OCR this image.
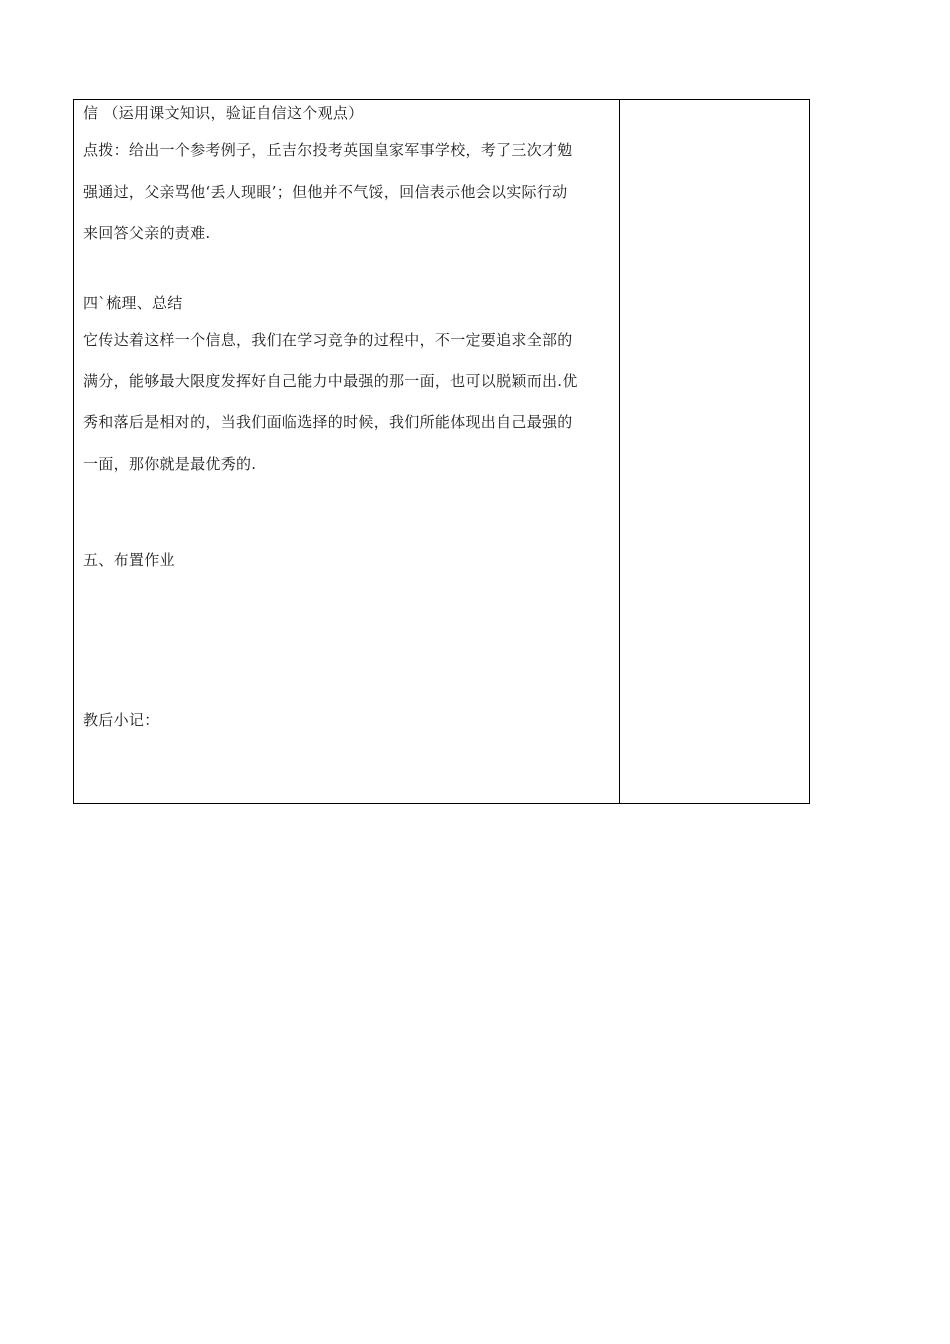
信 （运用课文知识，验证自信这个观点）
点拨：给出一个参考例子，丘吉尔投考英国皇家军事学校，考了三次才勉
强通过，父亲骂他‘丢人现眼’；但他并不气馁，回信表示他会以实际行动
来回答父亲的责难.
四`梳理、总结
它传达着这样一个信息，我们在学习竞争的过程中，不一定要追求全部的
满分，能够最大限度发挥好自己能力中最强的那一面，也可以脱颖而出.优
秀和落后是相对的，当我们面临选择的时候，我们所能体现出自己最强的
一面，那你就是最优秀的.
五、布置作业
教后小记：
